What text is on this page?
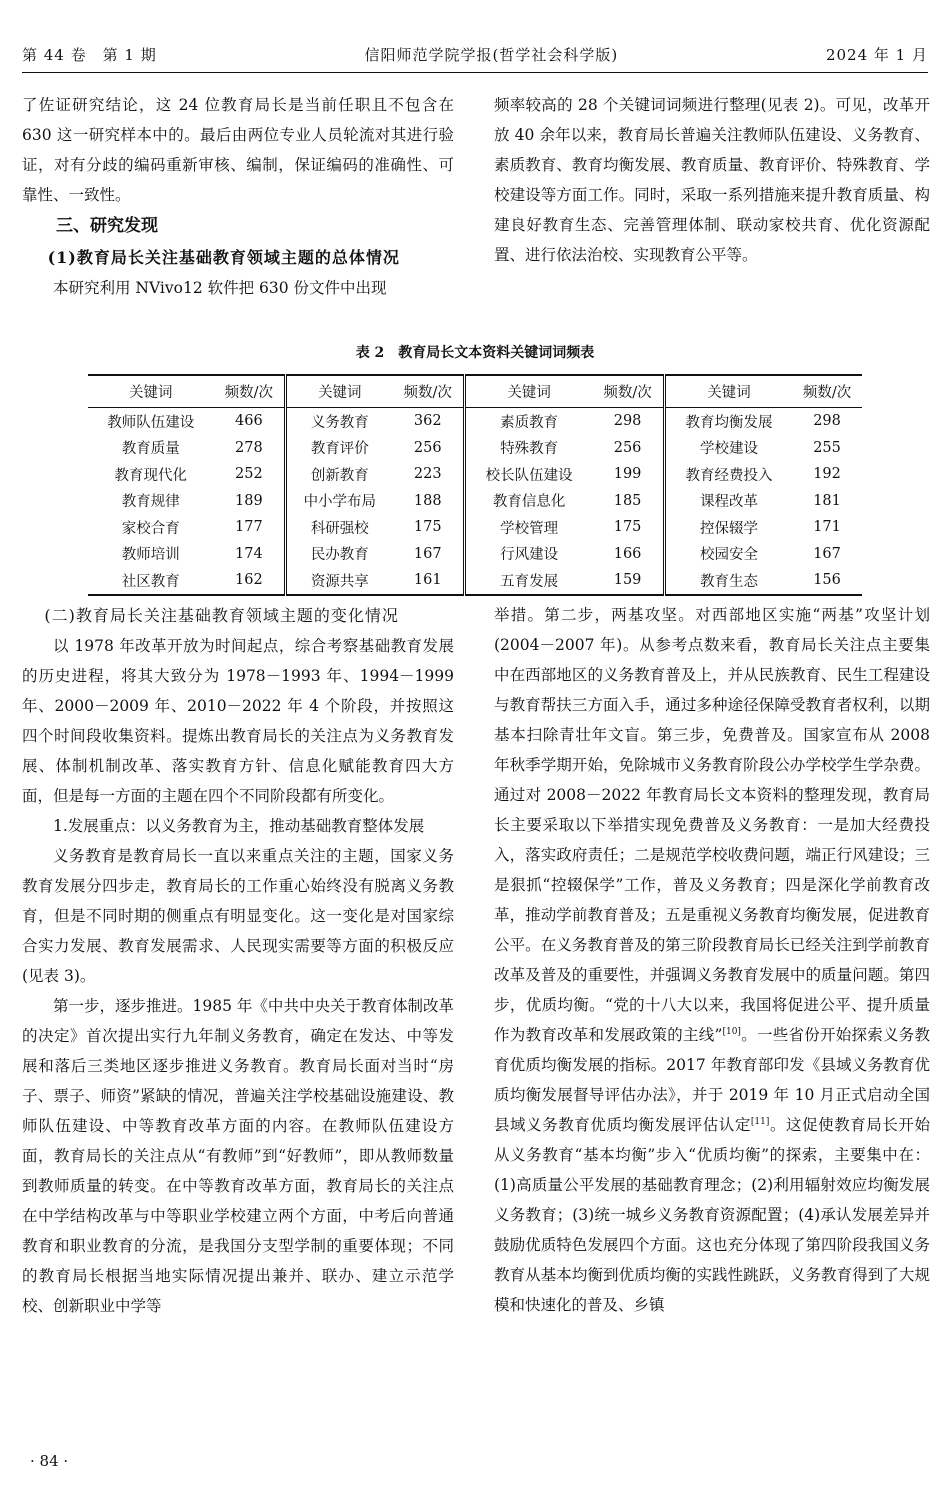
第 44 卷　第 1 期	信阳师范学院学报(哲学社会科学版)	2024 年 1 月

了佐证研究结论，这 24 位教育局长是当前任职且不包含在 630 这一研究样本中的。最后由两位专业人员轮流对其进行验证，对有分歧的编码重新审核、编制，保证编码的准确性、可靠性、一致性。

三、研究发现
(1)教育局长关注基础教育领域主题的总体情况

本研究利用 NVivo12 软件把 630 份文件中出现

频率较高的 28 个关键词词频进行整理(见表 2)。可见，改革开放 40 余年以来，教育局长普遍关注教师队伍建设、义务教育、素质教育、教育均衡发展、教育质量、教育评价、特殊教育、学校建设等方面工作。同时，采取一系列措施来提升教育质量、构建良好教育生态、完善管理体制、联动家校共育、优化资源配置、进行依法治校、实现教育公平等。

表 2　教育局长文本资料关键词词频表
关键词	频数/次	关键词	频数/次	关键词	频数/次	关键词	频数/次
教师队伍建设	466	义务教育	362	素质教育	298	教育均衡发展	298
教育质量	278	教育评价	256	特殊教育	256	学校建设	255
教育现代化	252	创新教育	223	校长队伍建设	199	教育经费投入	192
教育规律	189	中小学布局	188	教育信息化	185	课程改革	181
家校合育	177	科研强校	175	学校管理	175	控保辍学	171
教师培训	174	民办教育	167	行风建设	166	校园安全	167
社区教育	162	资源共享	161	五育发展	159	教育生态	156
(二)教育局长关注基础教育领域主题的变化情况

以 1978 年改革开放为时间起点，综合考察基础教育发展的历史进程，将其大致分为 1978－1993 年、1994－1999 年、2000－2009 年、2010－2022 年 4 个阶段，并按照这四个时间段收集资料。提炼出教育局长的关注点为义务教育发展、体制机制改革、落实教育方针、信息化赋能教育四大方面，但是每一方面的主题在四个不同阶段都有所变化。

1.发展重点：以义务教育为主，推动基础教育整体发展

义务教育是教育局长一直以来重点关注的主题，国家义务教育发展分四步走，教育局长的工作重心始终没有脱离义务教育，但是不同时期的侧重点有明显变化。这一变化是对国家综合实力发展、教育发展需求、人民现实需要等方面的积极反应(见表 3)。

第一步，逐步推进。1985 年《中共中央关于教育体制改革的决定》首次提出实行九年制义务教育，确定在发达、中等发展和落后三类地区逐步推进义务教育。教育局长面对当时“房子、票子、师资”紧缺的情况，普遍关注学校基础设施建设、教师队伍建设、中等教育改革方面的内容。在教师队伍建设方面，教育局长的关注点从“有教师”到“好教师”，即从教师数量到教师质量的转变。在中等教育改革方面，教育局长的关注点在中学结构改革与中等职业学校建立两个方面，中考后向普通教育和职业教育的分流，是我国分支型学制的重要体现；不同的教育局长根据当地实际情况提出兼并、联办、建立示范学校、创新职业中学等

举措。第二步，两基攻坚。对西部地区实施“两基”攻坚计划(2004－2007 年)。从参考点数来看，教育局长关注点主要集中在西部地区的义务教育普及上，并从民族教育、民生工程建设与教育帮扶三方面入手，通过多种途径保障受教育者权利，以期基本扫除青壮年文盲。第三步，免费普及。国家宣布从 2008 年秋季学期开始，免除城市义务教育阶段公办学校学生学杂费。通过对 2008－2022 年教育局长文本资料的整理发现，教育局长主要采取以下举措实现免费普及义务教育：一是加大经费投入，落实政府责任；二是规范学校收费问题，端正行风建设；三是狠抓“控辍保学”工作，普及义务教育；四是深化学前教育改革，推动学前教育普及；五是重视义务教育均衡发展，促进教育公平。在义务教育普及的第三阶段教育局长已经关注到学前教育改革及普及的重要性，并强调义务教育发展中的质量问题。第四步，优质均衡。“党的十八大以来，我国将促进公平、提升质量作为教育改革和发展政策的主线”[10]。一些省份开始探索义务教育优质均衡发展的指标。2017 年教育部印发《县域义务教育优质均衡发展督导评估办法》，并于 2019 年 10 月正式启动全国县域义务教育优质均衡发展评估认定[11]。这促使教育局长开始从义务教育“基本均衡”步入“优质均衡”的探索，主要集中在：(1)高质量公平发展的基础教育理念；(2)利用辐射效应均衡发展义务教育；(3)统一城乡义务教育资源配置；(4)承认发展差异并鼓励优质特色发展四个方面。这也充分体现了第四阶段我国义务教育从基本均衡到优质均衡的实践性跳跃，义务教育得到了大规模和快速化的普及、乡镇

· 84 ·
